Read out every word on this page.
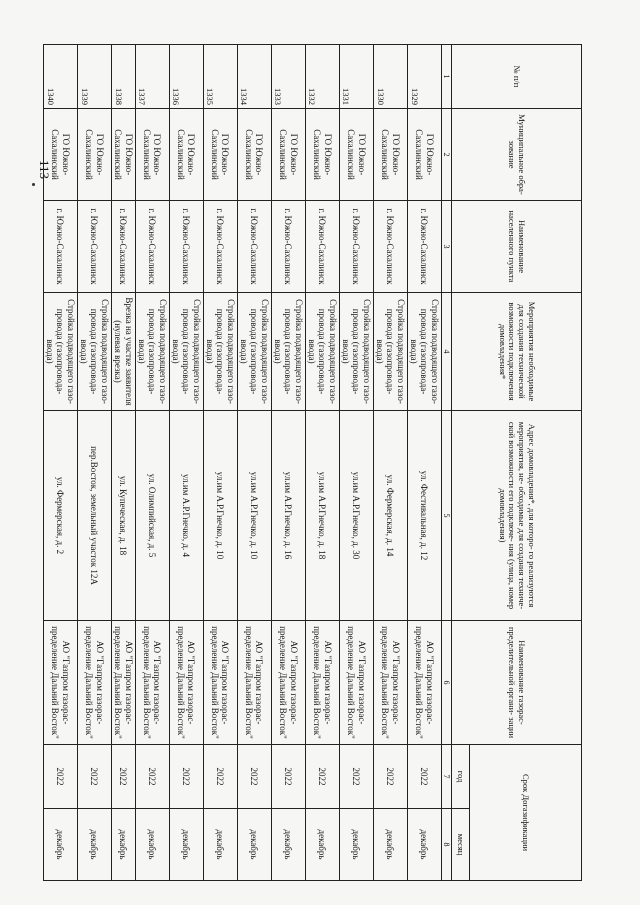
113
№ п/п	Муниципальное обра- зование	Наименование населенного пункта	Мероприятия необходимые для создания технической возможности подключения домовладения*	Адрес домовладения*, для которо- го реализуются мероприятия, не- обходимые для создания техниче- ской возможности его подключе- ния (улица, номер домовладения)	Наименование газорас- пределительной органи- зации	Срок Догазификации	
						год	месяц
1	2	3	4	5	6	7	8
1329	ГО Южно-Сахалинский	г. Южно-Сахалинск	Стройка подводящего газо- провода (газопровода- ввода)	ул. Фестивальная, д. 12	АО "Газпром газорас- пределение Дальний Восток"	2022	декабрь
1330	ГО Южно-Сахалинский	г. Южно-Сахалинск	Стройка подводящего газо- провода (газопровода- ввода)	ул. Фермерская, д. 14	АО "Газпром газорас- пределение Дальний Восток"	2022	декабрь
1331	ГО Южно-Сахалинский	г. Южно-Сахалинск	Стройка подводящего газо- провода (газопровода- ввода)	ул.им А.Р.Гнечко, д. 30	АО "Газпром газорас- пределение Дальний Восток"	2022	декабрь
1332	ГО Южно-Сахалинский	г. Южно-Сахалинск	Стройка подводящего газо- провода (газопровода- ввода)	ул.им А.Р.Гнечко, д. 18	АО "Газпром газорас- пределение Дальний Восток"	2022	декабрь
1333	ГО Южно-Сахалинский	г. Южно-Сахалинск	Стройка подводящего газо- провода (газопровода- ввода)	ул.им А.Р.Гнечко, д. 16	АО "Газпром газорас- пределение Дальний Восток"	2022	декабрь
1334	ГО Южно-Сахалинский	г. Южно-Сахалинск	Стройка подводящего газо- провода (газопровода- ввода)	ул.им А.Р.Гнечко, д. 10	АО "Газпром газорас- пределение Дальний Восток"	2022	декабрь
1335	ГО Южно-Сахалинский	г. Южно-Сахалинск	Стройка подводящего газо- провода (газопровода- ввода)	ул.им А.Р.Гнечко, д. 10	АО "Газпром газорас- пределение Дальний Восток"	2022	декабрь
1336	ГО Южно-Сахалинский	г. Южно-Сахалинск	Стройка подводящего газо- провода (газопровода- ввода)	ул.им А.Р.Гнечко, д. 4	АО "Газпром газорас- пределение Дальний Восток"	2022	декабрь
1337	ГО Южно-Сахалинский	г. Южно-Сахалинск	Стройка подводящего газо- провода (газопровода- ввода)	ул. Олимпийская, д. 5	АО "Газпром газорас- пределение Дальний Восток"	2022	декабрь
1338	ГО Южно-Сахалинский	г. Южно-Сахалинск	Врезка на участке заявителя (нулевая врезка)	ул. Купеческая, д. 18	АО "Газпром газорас- пределение Дальний Восток"	2022	декабрь
1339	ГО Южно-Сахалинский	г. Южно-Сахалинск	Стройка подводящего газо- провода (газопровода- ввода)	пер.Восток, земельный участок 12А	АО "Газпром газорас- пределение Дальний Восток"	2022	декабрь
1340	ГО Южно-Сахалинский	г. Южно-Сахалинск	Стройка подводящего газо- провода (газопровода- ввода)	ул. Фермерская, д. 2	АО "Газпром газорас- пределение Дальний Восток"	2022	декабрь
